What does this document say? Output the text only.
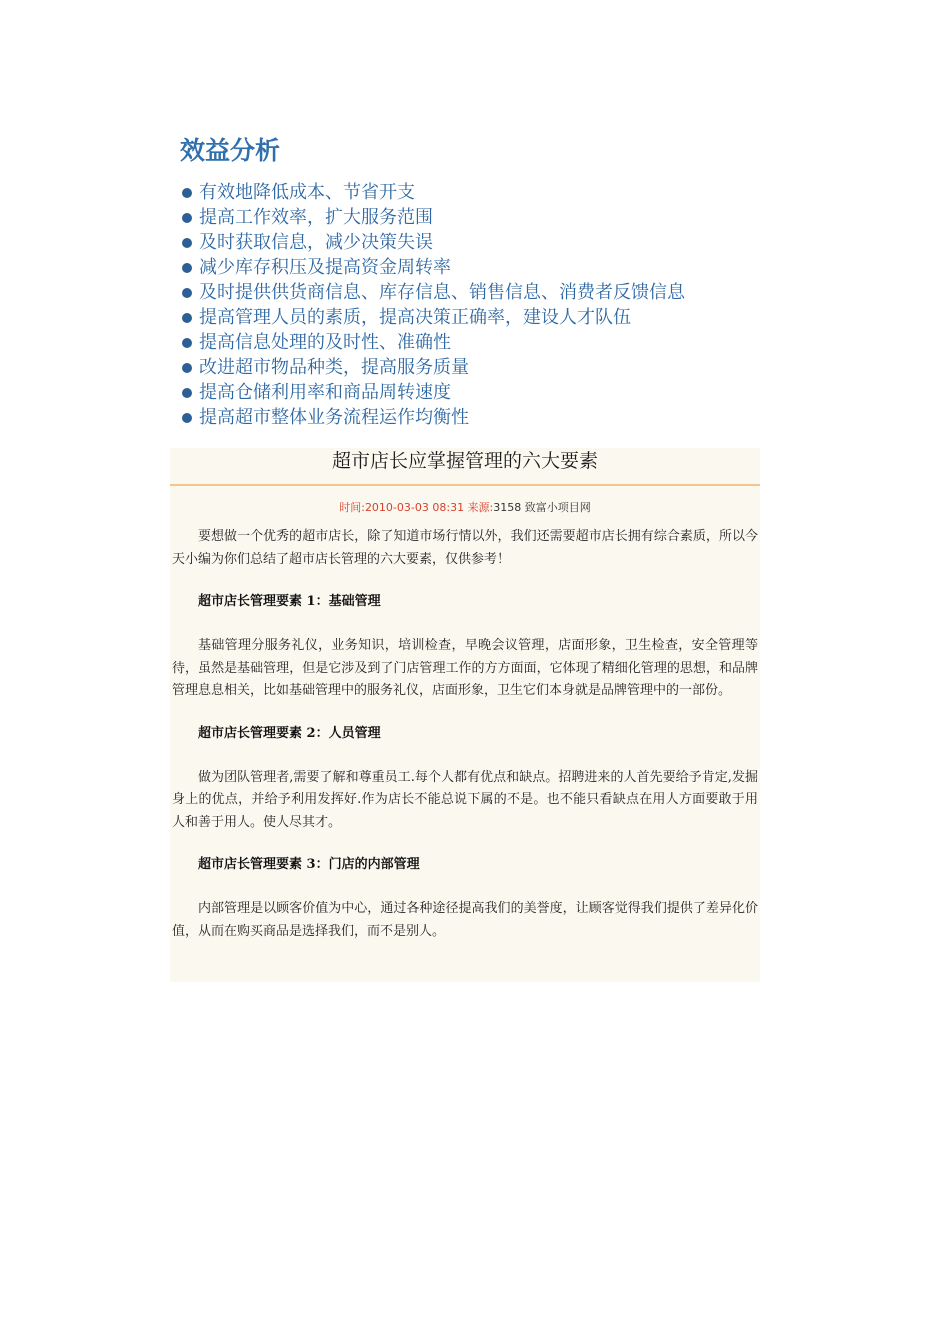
效益分析
有效地降低成本、节省开支
提高工作效率，扩大服务范围
及时获取信息，减少决策失误
减少库存积压及提高资金周转率
及时提供供货商信息、库存信息、销售信息、消费者反馈信息
提高管理人员的素质，提高决策正确率，建设人才队伍
提高信息处理的及时性、准确性
改进超市物品种类，提高服务质量
提高仓储利用率和商品周转速度
提高超市整体业务流程运作均衡性
超市店长应掌握管理的六大要素
时间:2010-03-03 08:31 来源:3158 致富小项目网

要想做一个优秀的超市店长，除了知道市场行情以外，我们还需要超市店长拥有综合素质，所以今天小编为你们总结了超市店长管理的六大要素，仅供参考！

超市店长管理要素 1：基础管理

基础管理分服务礼仪，业务知识，培训检查，早晚会议管理，店面形象，卫生检查，安全管理等待，虽然是基础管理，但是它涉及到了门店管理工作的方方面面，它体现了精细化管理的思想，和品牌管理息息相关，比如基础管理中的服务礼仪，店面形象，卫生它们本身就是品牌管理中的一部份。

超市店长管理要素 2：人员管理

做为团队管理者,需要了解和尊重员工.每个人都有优点和缺点。招聘进来的人首先要给予肯定,发掘身上的优点，并给予利用发挥好.作为店长不能总说下属的不是。也不能只看缺点在用人方面要敢于用人和善于用人。使人尽其才。

超市店长管理要素 3：门店的内部管理

内部管理是以顾客价值为中心，通过各种途径提高我们的美誉度，让顾客觉得我们提供了差异化价值，从而在购买商品是选择我们，而不是别人。
